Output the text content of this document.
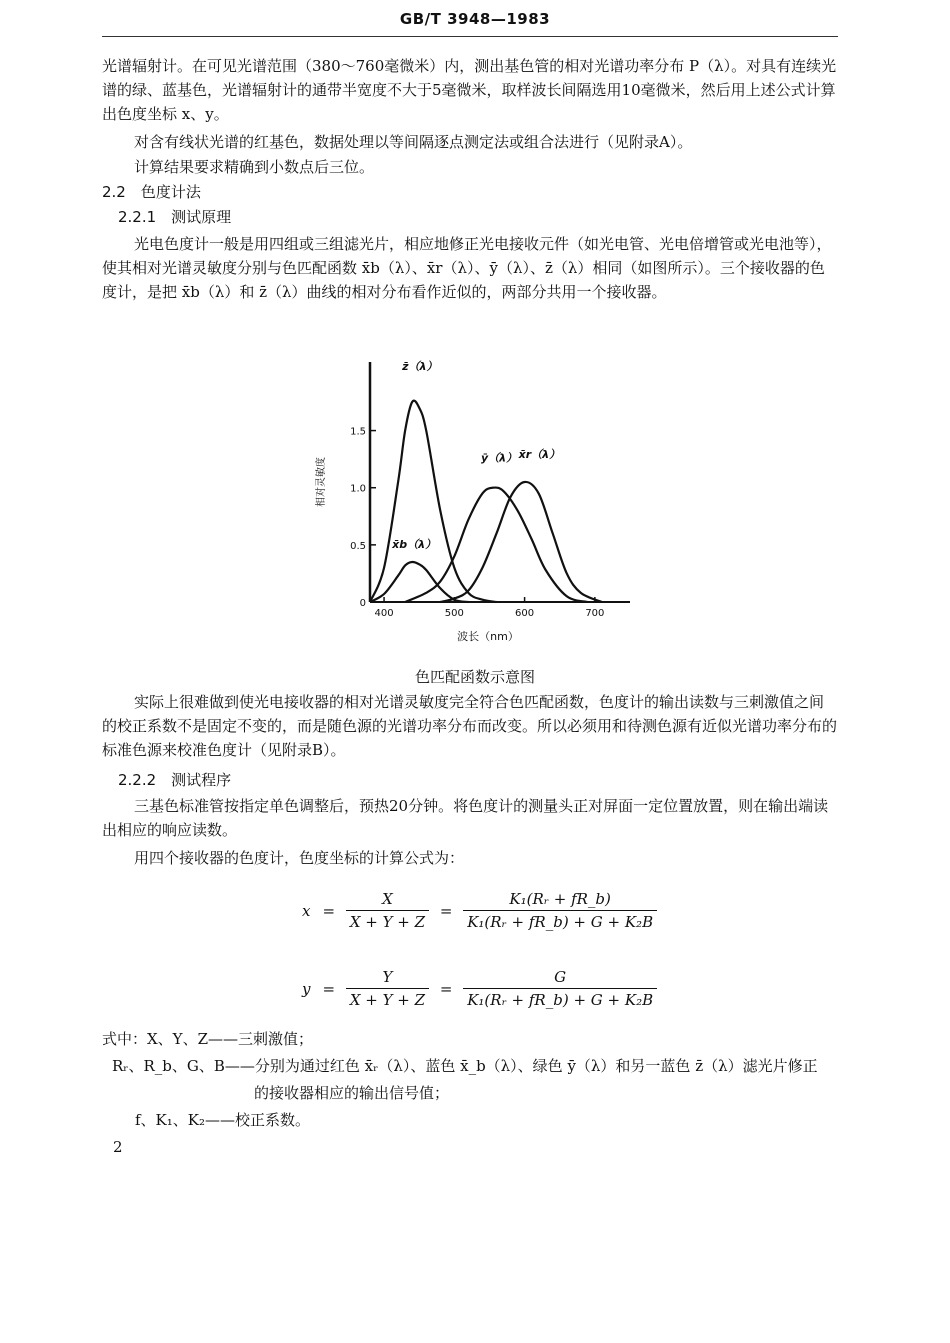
GB/T 3948—1983

光谱辐射计。在可见光谱范围（380～760毫微米）内，测出基色管的相对光谱功率分布 P（λ）。对具有连续光谱的绿、蓝基色，光谱辐射计的通带半宽度不大于5毫微米，取样波长间隔选用10毫微米，然后用上述公式计算出色度坐标 x、y。

对含有线状光谱的红基色，数据处理以等间隔逐点测定法或组合法进行（见附录A）。

计算结果要求精确到小数点后三位。

2.2　色度计法

2.2.1　测试原理

光电色度计一般是用四组或三组滤光片，相应地修正光电接收元件（如光电管、光电倍增管或光电池等），使其相对光谱灵敏度分别与色匹配函数 x̄b（λ）、x̄r（λ）、ȳ（λ）、z̄（λ）相同（如图所示）。三个接收器的色度计，是把 x̄b（λ）和 z̄（λ）曲线的相对分布看作近似的，两部分共用一个接收器。

0
0.5
1.0
1.5
400	500	600	700
z̄（λ）
x̄b（λ）
ȳ（λ） x̄r（λ）
相对灵敏度
波长（nm）
色匹配函数示意图

实际上很难做到使光电接收器的相对光谱灵敏度完全符合色匹配函数，色度计的输出读数与三刺激值之间的校正系数不是固定不变的，而是随色源的光谱功率分布而改变。所以必须用和待测色源有近似光谱功率分布的标准色源来校准色度计（见附录B）。

2.2.2　测试程序

三基色标准管按指定单色调整后，预热20分钟。将色度计的测量头正对屏面一定位置放置，则在输出端读出相应的响应读数。

用四个接收器的色度计，色度坐标的计算公式为：

$x = \frac{X}{X + Y + Z} = \frac{\text{K₁(Rᵣ + fR\_b)}}{\text{K₁(Rᵣ + fR\_b) + G + K₂B}}$
$y = \frac{Y}{X + Y + Z} = \frac{G}{\text{K₁(Rᵣ + fR\_b) + G + K₂B}}$
式中：X、Y、Z——三刺激值；
Rᵣ、R_b、G、B——分别为通过红色 x̄ᵣ（λ）、蓝色 x̄_b（λ）、绿色 ȳ（λ）和另一蓝色 z̄（λ）滤光片修正
的接收器相应的输出信号值；
f、K₁、K₂——校正系数。
2
